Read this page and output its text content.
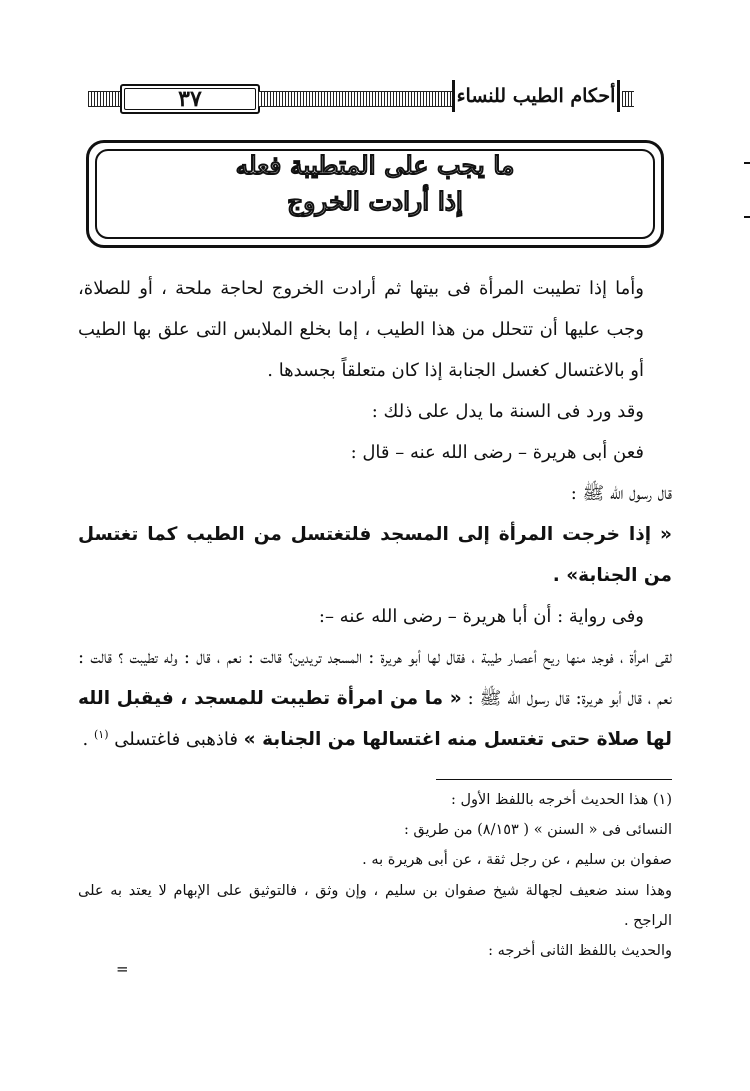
٣٧	أحكام الطيب للنساء
ما يجب على المتطيبة فعله
إذا أرادت الخروج

وأما إذا تطيبت المرأة فى بيتها ثم أرادت الخروج لحاجة ملحة ، أو للصلاة، وجب عليها أن تتحلل من هذا الطيب ، إما بخلع الملابس التى علق بها الطيب أو بالاغتسال كغسل الجنابة إذا كان متعلقاً بجسدها .

وقد ورد فى السنة ما يدل على ذلك :

فعن أبى هريرة – رضى الله عنه – قال :

قال رسول الله ﷺ :

« إذا خرجت المرأة إلى المسجد فلتغتسل من الطيب كما تغتسل من الجنابة» .

وفى رواية : أن أبا هريرة – رضى الله عنه –:

لقى امرأة ، فوجد منها ريح أعصار طيبة ، فقال لها أبو هريرة : المسجد تريدين؟ قالت : نعم ، قال : وله تطيبت ؟ قالت : نعم ، قال أبو هريرة: قال رسول الله ﷺ : « ما من امرأة تطيبت للمسجد ، فيقبل الله لها صلاة حتى تغتسل منه اغتسالها من الجنابة » فاذهبى فاغتسلى $^{(١)}$ .

(١) هذا الحديث أخرجه باللفظ الأول :

النسائى فى « السنن » ( ٨/١٥٣) من طريق :

صفوان بن سليم ، عن رجل ثقة ، عن أبى هريرة به .

وهذا سند ضعيف لجهالة شيخ صفوان بن سليم ، وإن وثق ، فالتوثيق على الإبهام لا يعتد به على الراجح .

والحديث باللفظ الثانى أخرجه :

=
